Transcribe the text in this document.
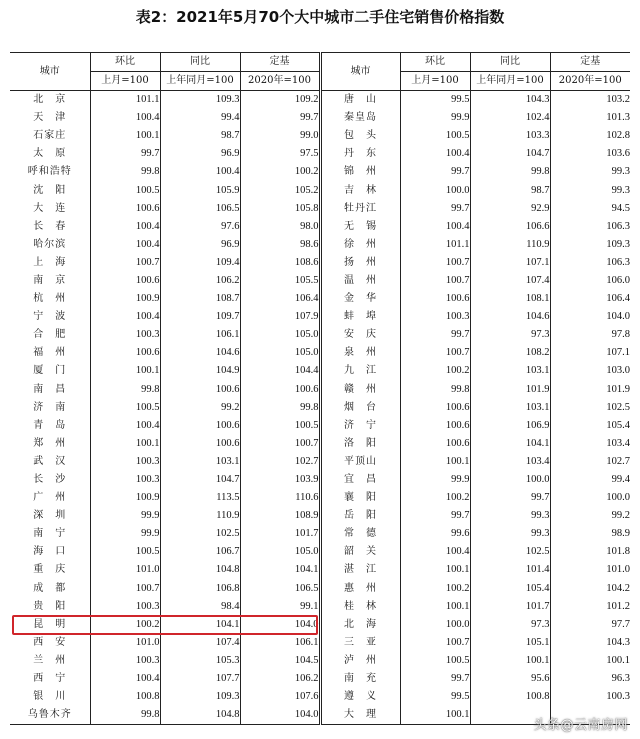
表2：2021年5月70个大中城市二手住宅销售价格指数
城市	环比	同比	定基	城市	环比	同比	定基
	上月=100	上年同月=100	2020年=100		上月=100	上年同月=100	2020年=100
北　京	101.1	109.3	109.2	唐　山	99.5	104.3	103.2
天　津	100.4	99.4	99.7	秦皇岛	99.9	102.4	101.3
石家庄	100.1	98.7	99.0	包　头	100.5	103.3	102.8
太　原	99.7	96.9	97.5	丹　东	100.4	104.7	103.6
呼和浩特	99.8	100.4	100.2	锦　州	99.7	99.8	99.3
沈　阳	100.5	105.9	105.2	吉　林	100.0	98.7	99.3
大　连	100.6	106.5	105.8	牡丹江	99.7	92.9	94.5
长　春	100.4	97.6	98.0	无　锡	100.4	106.6	106.3
哈尔滨	100.4	96.9	98.6	徐　州	101.1	110.9	109.3
上　海	100.7	109.4	108.6	扬　州	100.7	107.1	106.3
南　京	100.6	106.2	105.5	温　州	100.7	107.4	106.0
杭　州	100.9	108.7	106.4	金　华	100.6	108.1	106.4
宁　波	100.4	109.7	107.9	蚌　埠	100.3	104.6	104.0
合　肥	100.3	106.1	105.0	安　庆	99.7	97.3	97.8
福　州	100.6	104.6	105.0	泉　州	100.7	108.2	107.1
厦　门	100.1	104.9	104.4	九　江	100.2	103.1	103.0
南　昌	99.8	100.6	100.6	赣　州	99.8	101.9	101.9
济　南	100.5	99.2	99.8	烟　台	100.6	103.1	102.5
青　岛	100.4	100.6	100.5	济　宁	100.6	106.9	105.4
郑　州	100.1	100.6	100.7	洛　阳	100.6	104.1	103.4
武　汉	100.3	103.1	102.7	平顶山	100.1	103.4	102.7
长　沙	100.3	104.7	103.9	宜　昌	99.9	100.0	99.4
广　州	100.9	113.5	110.6	襄　阳	100.2	99.7	100.0
深　圳	99.9	110.9	108.9	岳　阳	99.7	99.3	99.2
南　宁	99.9	102.5	101.7	常　德	99.6	99.3	98.9
海　口	100.5	106.7	105.0	韶　关	100.4	102.5	101.8
重　庆	101.0	104.8	104.1	湛　江	100.1	101.4	101.0
成　都	100.7	106.8	106.5	惠　州	100.2	105.4	104.2
贵　阳	100.3	98.4	99.1	桂　林	100.1	101.7	101.2
昆　明	100.2	104.1	104.0	北　海	100.0	97.3	97.7
西　安	101.0	107.4	106.1	三　亚	100.7	105.1	104.3
兰　州	100.3	105.3	104.5	泸　州	100.5	100.1	100.1
西　宁	100.4	107.7	106.2	南　充	99.7	95.6	96.3
银　川	100.8	109.3	107.6	遵　义	99.5	100.8	100.3
乌鲁木齐	99.8	104.8	104.0	大　理	100.1		
头条@云南房网
